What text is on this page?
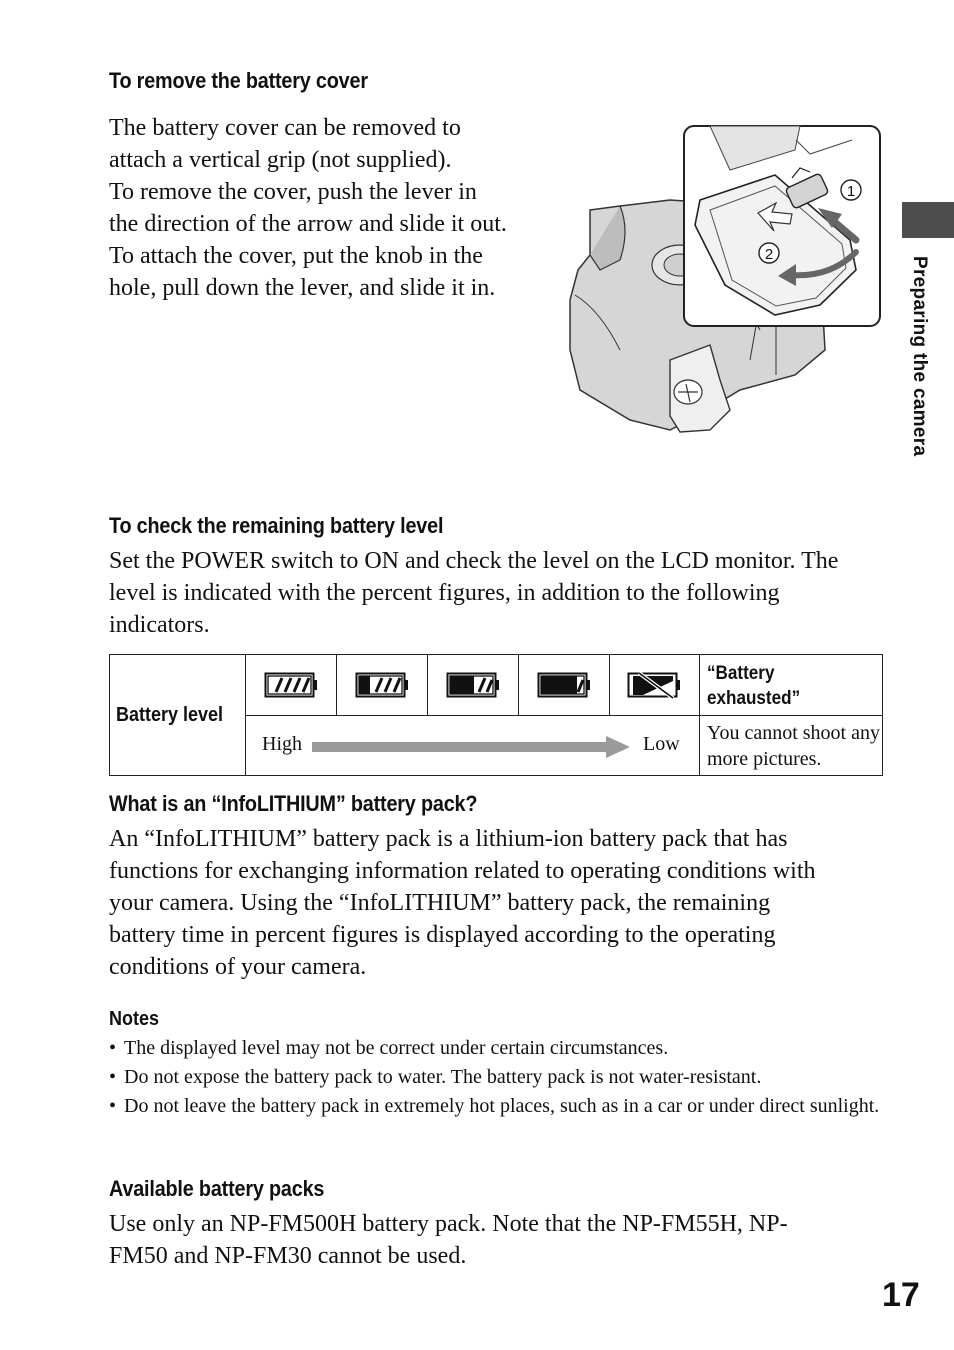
To remove the battery cover
The battery cover can be removed to
attach a vertical grip (not supplied).
To remove the cover, push the lever in
the direction of the arrow and slide it out.
To attach the cover, put the knob in the
hole, pull down the lever, and slide it in.
1
2
Preparing the camera
To check the remaining battery level
Set the POWER switch to ON and check the level on the LCD monitor. The
level is indicated with the percent figures, in addition to the following
indicators.
Battery level
“Battery exhausted”
High	Low	You cannot shoot any more pictures.
What is an “InfoLITHIUM” battery pack?
An “InfoLITHIUM” battery pack is a lithium-ion battery pack that has
functions for exchanging information related to operating conditions with
your camera. Using the “InfoLITHIUM” battery pack, the remaining
battery time in percent figures is displayed according to the operating
conditions of your camera.
Notes
• The displayed level may not be correct under certain circumstances.
• Do not expose the battery pack to water. The battery pack is not water-resistant.
• Do not leave the battery pack in extremely hot places, such as in a car or under direct sunlight.
Available battery packs
Use only an NP-FM500H battery pack. Note that the NP-FM55H, NP-
FM50 and NP-FM30 cannot be used.
17
